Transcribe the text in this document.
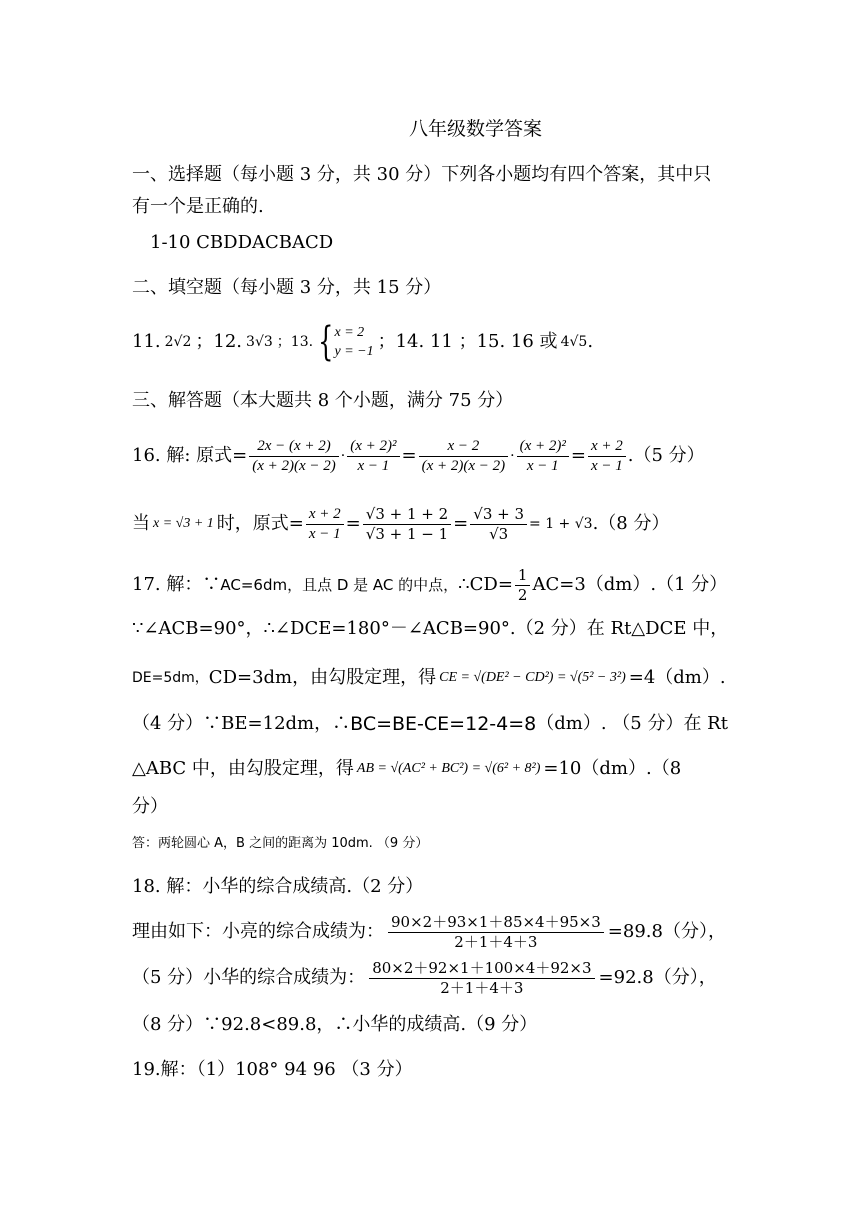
八年级数学答案
一、选择题（每小题 3 分，共 30 分）下列各小题均有四个答案，其中只
有一个是正确的.
1-10 CBDDACBACD
二、填空题（每小题 3 分，共 15 分）
11. 2√2 ；12. 3√3 ；13. { x = 2
y = −1 ；14. 11 ；15. 16 或 4√5 .
三、解答题（本大题共 8 个小题，满分 75 分）
16. 解: 原式= $\frac{2x - (x + 2)}{(x + 2)(x - 2)} \cdot \frac{\text{(x + 2)²}}{x - 1} = \frac{x - 2}{(x + 2)(x - 2)} \cdot \frac{\text{(x + 2)²}}{x - 1} = \frac{x + 2}{x - 1} .(5$ 分）
当 x = √3 + 1 时，原式= $\frac{x + 2}{x - 1} = \frac{√3 + 1 + 2}{√3 + 1 - 1} = \frac{√3 + 3}{√3} = 1 + √3$ .（8 分）
17. 解：∵ AC=6dm，且点 D 是 AC 的中点， ∴CD= $\frac{1}{2} AC=3(dm).(1$ 分）
∵∠ACB=90°，∴∠DCE=180°－∠ACB=90°.（2 分）在 Rt△DCE 中，
DE=5dm， CD=3dm，由勾股定理，得 CE = √(DE² − CD²) = √(5² − 3²) =4（dm）.
（4 分）∵BE=12dm，∴ BC=BE-CE=12-4=8 （dm）. （5 分）在 Rt
△ABC 中，由勾股定理，得 AB = √(AC² + BC²) = √(6² + 8²) =10（dm）.（8
分）
答：两轮圆心 A，B 之间的距离为 10dm. （9 分）
18. 解：小华的综合成绩高.（2 分）
理由如下：小亮的综合成绩为： $\frac{90\times 2+93\times 1+85\times 4+95\times 3}{2+1+4+3} =89.8$（分），
（5 分）小华的综合成绩为： $\frac{80\times 2+92\times 1+100\times 4+92\times 3}{2+1+4+3} =92.8$（分），
（8 分）∵92.8<89.8，∴小华的成绩高.（9 分）
19.解：（1）108° 94 96 （3 分）
